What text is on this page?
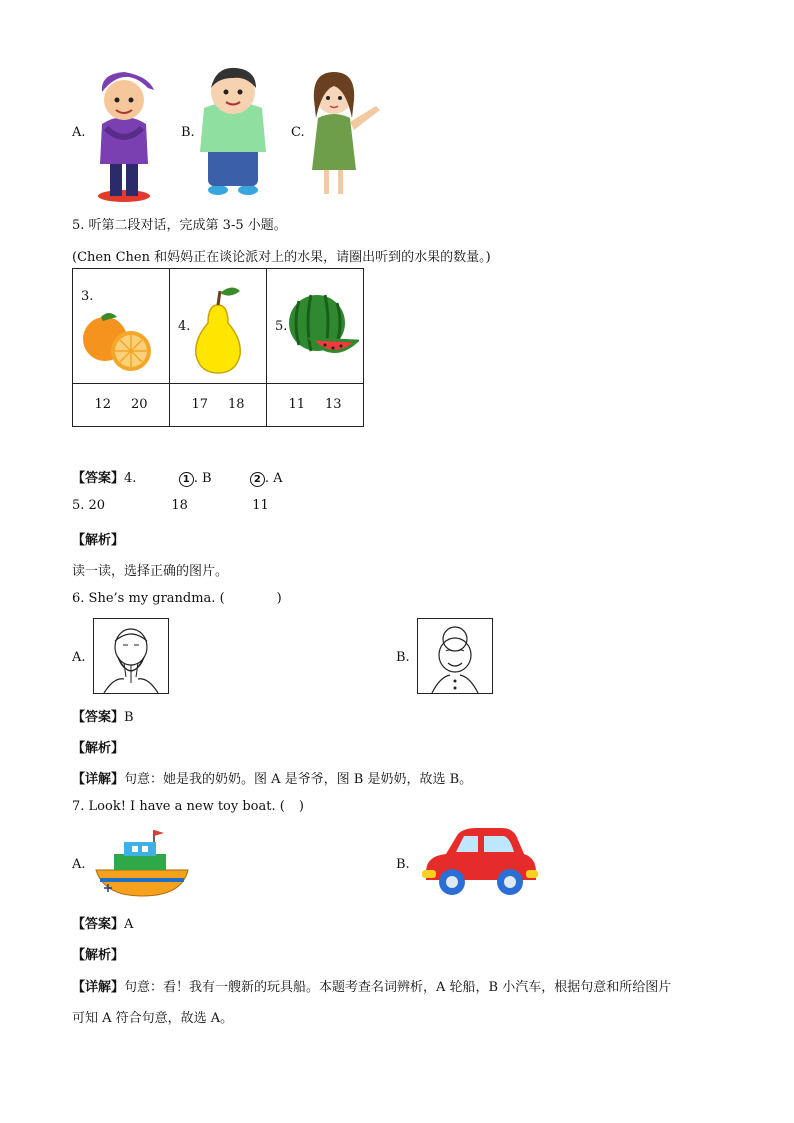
A.	B.	C.
5. 听第二段对话，完成第 3-5 小题。
(Chen Chen 和妈妈正在谈论派对上的水果，请圈出听到的水果的数量。)
3.	4.	5.

12 20	17 18	11 13
【答案】4.	1 . B	2 . A
5. 20	18	11
【解析】
读一读，选择正确的图片。
6. She’s my grandma. (	)
A.	B.
【答案】B
【解析】
【详解】句意：她是我的奶奶。图 A 是爷爷，图 B 是奶奶，故选 B。
7. Look! I have a new toy boat. ( )
A.	B.
【答案】A
【解析】
【详解】句意：看！我有一艘新的玩具船。本题考查名词辨析，A 轮船，B 小汽车，根据句意和所给图片
可知 A 符合句意，故选 A。
